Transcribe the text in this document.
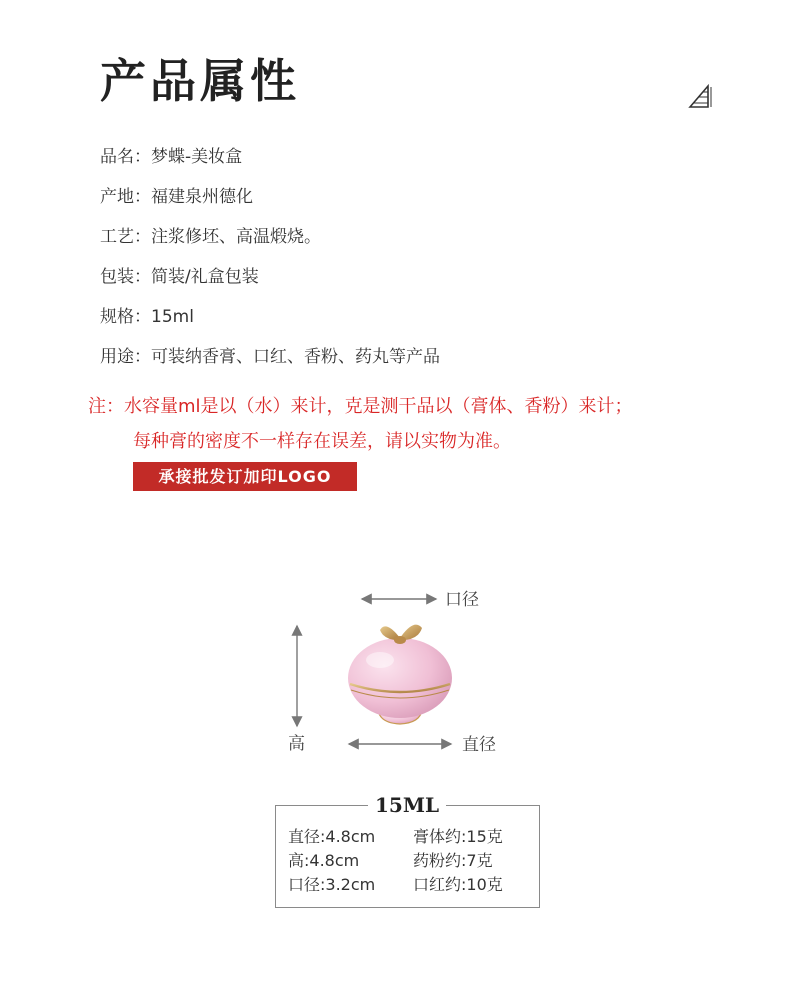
产品属性
品名：梦蝶-美妆盒
产地：福建泉州德化
工艺：注浆修坯、高温煅烧。
包装：简装/礼盒包装
规格：15ml
用途：可装纳香膏、口红、香粉、药丸等产品
注：水容量ml是以（水）来计，克是测干品以（膏体、香粉）来计；
每种膏的密度不一样存在误差，请以实物为准。
承接批发订加印LOGO
口径
高	直径
15ML
直径:4.8cm 膏体约:15克
高:4.8cm	药粉约:7克
口径:3.2cm 口红约:10克
